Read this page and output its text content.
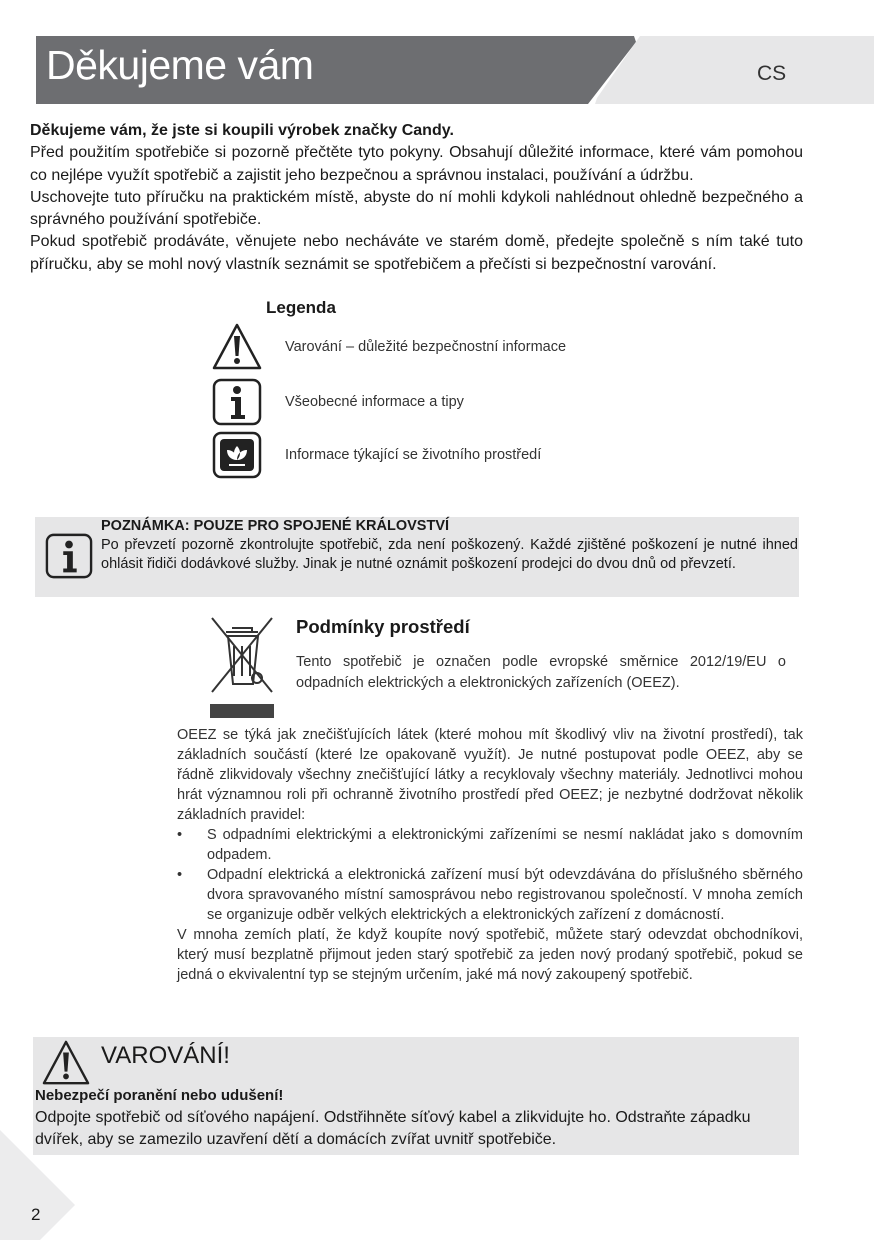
Děkujeme vám	CS
Děkujeme vám, že jste si koupili výrobek značky Candy.
Před použitím spotřebiče si pozorně přečtěte tyto pokyny. Obsahují důležité informace, které vám pomohou co nejlépe využít spotřebič a zajistit jeho bezpečnou a správnou instalaci, používání a údržbu.
Uschovejte tuto příručku na praktickém místě, abyste do ní mohli kdykoli nahlédnout ohledně bezpečného a správného používání spotřebiče.
Pokud spotřebič prodáváte, věnujete nebo necháváte ve starém domě, předejte společně s ním také tuto příručku, aby se mohl nový vlastník seznámit se spotřebičem a přečísti si bezpečnostní varování.
Legenda
Varování – důležité bezpečnostní informace
Všeobecné informace a tipy
Informace týkající se životního prostředí
POZNÁMKA: POUZE PRO SPOJENÉ KRÁLOVSTVÍ
Po převzetí pozorně zkontrolujte spotřebič, zda není poškozený. Každé zjištěné poškození je nutné ihned ohlásit řidiči dodávkové služby. Jinak je nutné oznámit poškození prodejci do dvou dnů od převzetí.
Podmínky prostředí
Tento spotřebič je označen podle evropské směrnice 2012/19/EU o odpadních elektrických a elektronických zařízeních (OEEZ).
OEEZ se týká jak znečišťujících látek (které mohou mít škodlivý vliv na životní prostředí), tak základních součástí (které lze opakovaně využít). Je nutné postupovat podle OEEZ, aby se řádně zlikvidovaly všechny znečišťující látky a recyklovaly všechny materiály. Jednotlivci mohou hrát významnou roli při ochranně životního prostředí před OEEZ; je nezbytné dodržovat několik základních pravidel:
• S odpadními elektrickými a elektronickými zařízeními se nesmí nakládat jako s domovním odpadem.
• Odpadní elektrická a elektronická zařízení musí být odevzdávána do příslušného sběrného dvora spravovaného místní samosprávou nebo registrovanou společností. V mnoha zemích se organizuje odběr velkých elektrických a elektronických zařízení z domácností.
V mnoha zemích platí, že když koupíte nový spotřebič, můžete starý odevzdat obchodníkovi, který musí bezplatně přijmout jeden starý spotřebič za jeden nový prodaný spotřebič, pokud se jedná o ekvivalentní typ se stejným určením, jaké má nový zakoupený spotřebič.
VAROVÁNÍ!
Nebezpečí poranění nebo udušení!
Odpojte spotřebič od síťového napájení. Odstřihněte síťový kabel a zlikvidujte ho. Odstraňte západku dvířek, aby se zamezilo uzavření dětí a domácích zvířat uvnitř spotřebiče.
2
